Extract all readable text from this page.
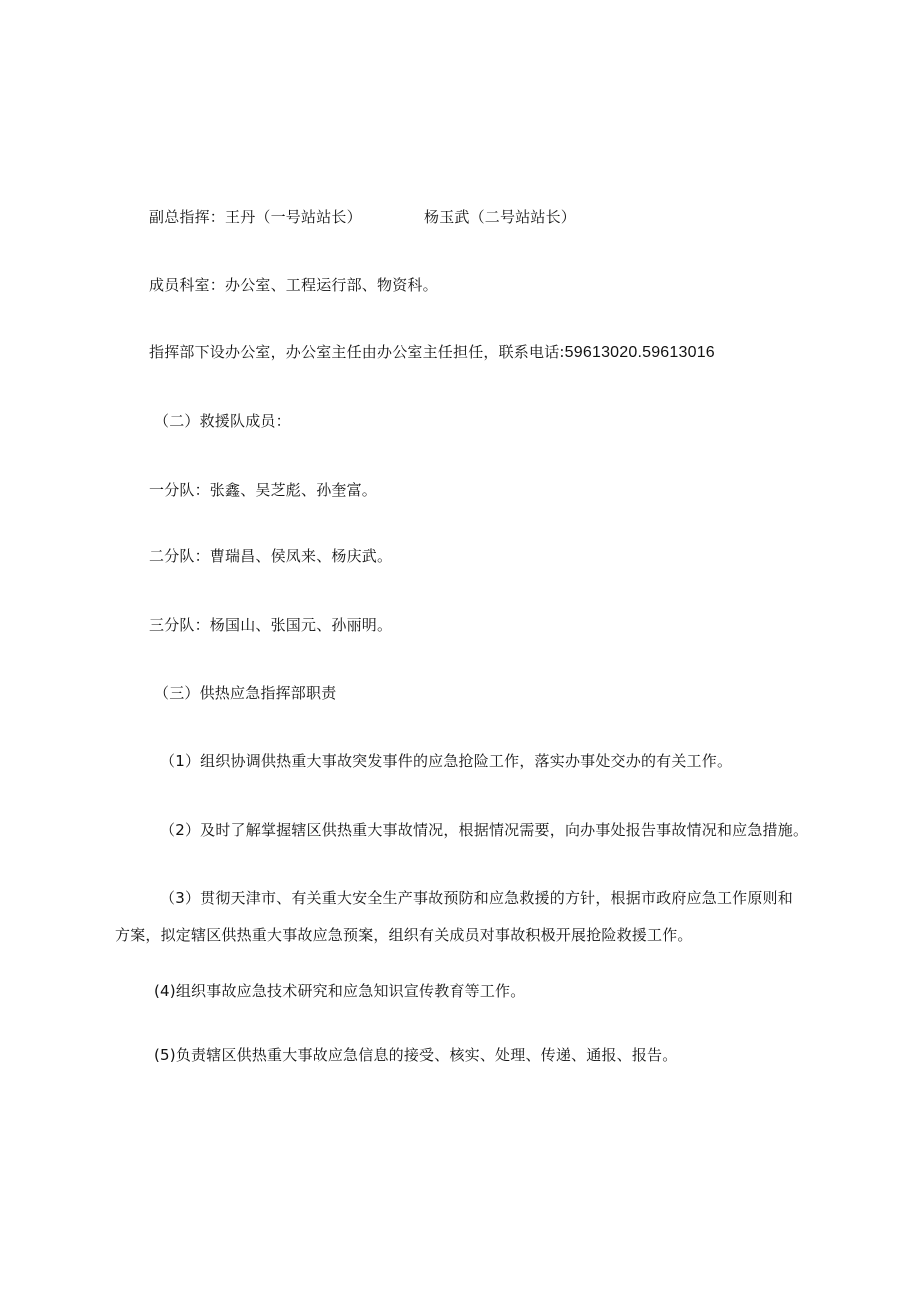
副总指挥：王丹（一号站站长）	杨玉武（二号站站长）
成员科室：办公室、工程运行部、物资科。
指挥部下设办公室，办公室主任由办公室主任担任，联系电话:59613020.59613016
（二）救援队成员：
一分队：张鑫、吴芝彪、孙奎富。
二分队：曹瑞昌、侯凤来、杨庆武。
三分队：杨国山、张国元、孙丽明。
（三）供热应急指挥部职责
（1）组织协调供热重大事故突发事件的应急抢险工作，落实办事处交办的有关工作。
（2）及时了解掌握辖区供热重大事故情况，根据情况需要，向办事处报告事故情况和应急措施。
（3）贯彻天津市、有关重大安全生产事故预防和应急救援的方针，根据市政府应急工作原则和
方案，拟定辖区供热重大事故应急预案，组织有关成员对事故积极开展抢险救援工作。
(4)组织事故应急技术研究和应急知识宣传教育等工作。
(5)负责辖区供热重大事故应急信息的接受、核实、处理、传递、通报、报告。
